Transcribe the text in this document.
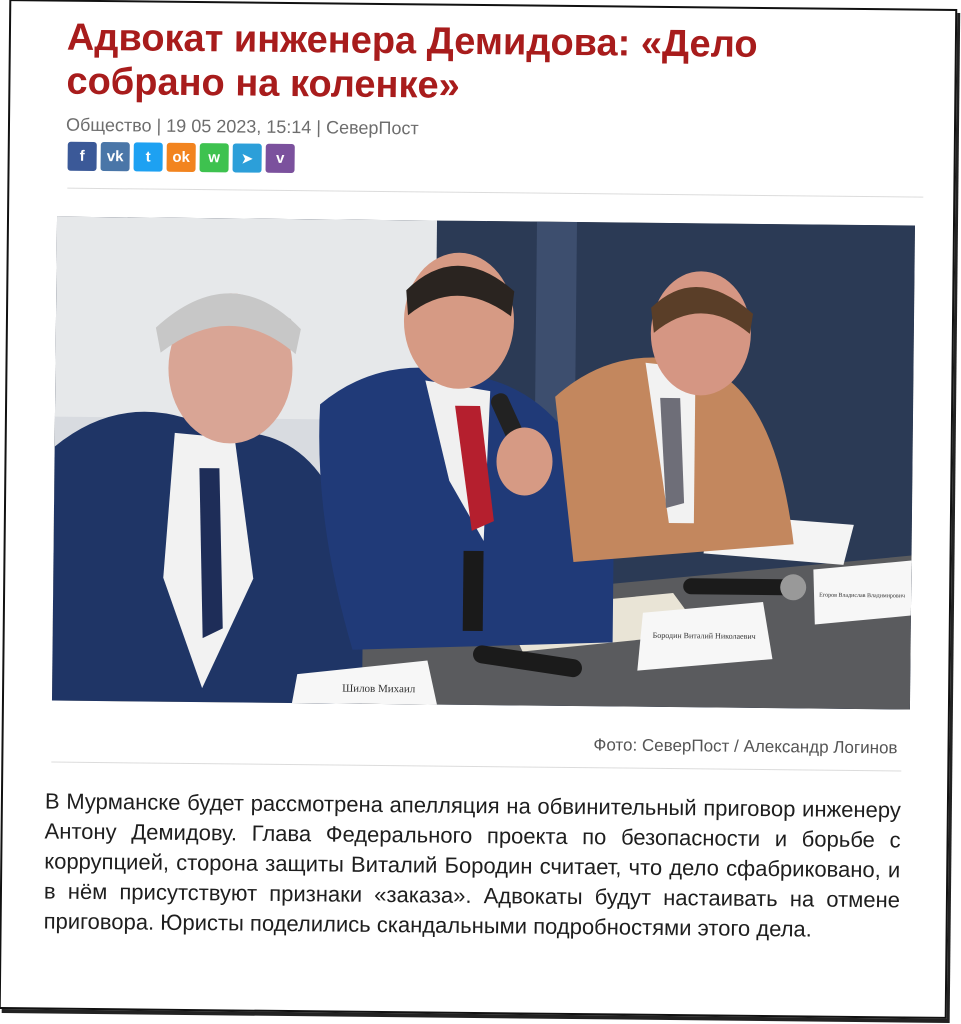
Адвокат инженера Демидова: «Дело собрано на коленке»
Общество | 19 05 2023, 15:14 | СеверПост
f vk t ok w ➤ v
Шилов Михаил
Бородин Виталий Николаевич
Егоров Владислав Владимирович
Фото: СеверПост / Александр Логинов

В Мурманске будет рассмотрена апелляция на обвинительный приговор инженеру Антону Демидову. Глава Федерального проекта по безопасности и борьбе с коррупцией, сторона защиты Виталий Бородин считает, что дело сфабриковано, и в нём присутствуют признаки «заказа». Адвокаты будут настаивать на отмене приговора. Юристы поделились скандальными подробностями этого дела.
